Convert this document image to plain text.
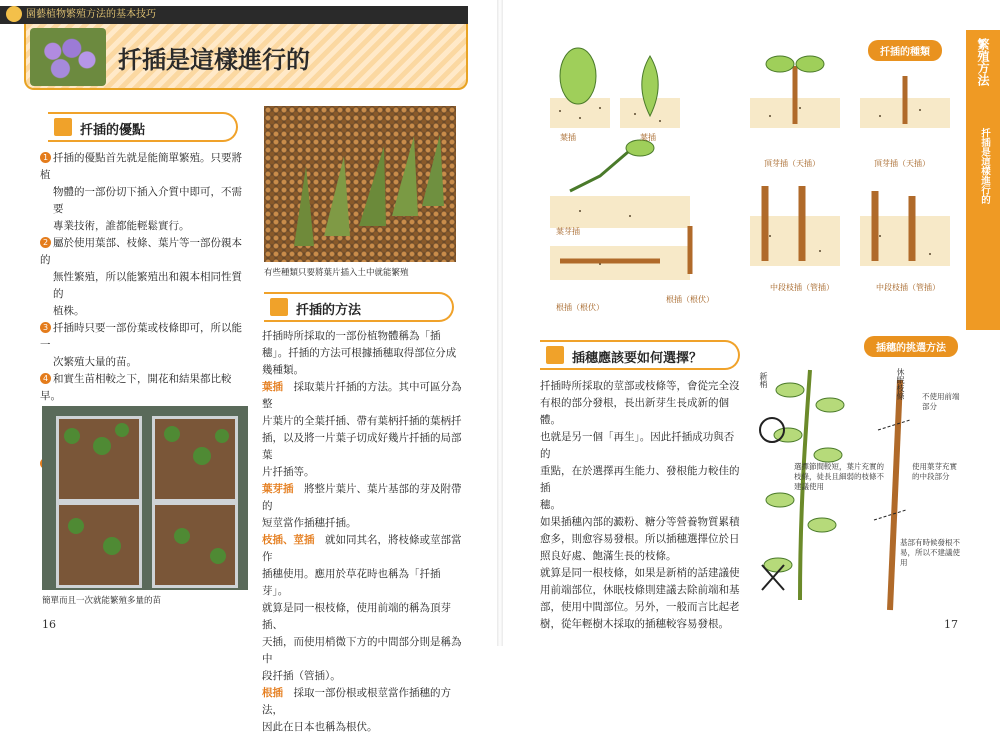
園藝植物繁殖方法的基本技巧
扦插是這樣進行的
扦插的優點
1 扦插的優點首先就是能簡單繁殖。只要將植
物體的一部份切下插入介質中即可，不需要
專業技術，誰都能輕鬆實行。
2 屬於使用葉部、枝條、葉片等一部份親本的
無性繁殖，所以能繁殖出和親本相同性質的
植株。
3 扦插時只要一部份葉或枝條即可，所以能一
次繁殖大量的苗。
4 和實生苗相較之下，開花和結果都比較早。
有些種類只要將葉片插入土中就能繁殖
扦插的方法
扦插時所採取的一部份植物體稱為「插
穗」。扦插的方法可根據插穗取得部位分成
幾種類。
葉插　採取葉片扦插的方法。其中可區分為整
片葉片的全葉扦插、帶有葉柄扦插的葉柄扦
插，以及將一片葉子切成好幾片扦插的局部葉
片扦插等。
葉芽插　將整片葉片、葉片基部的芽及附帶的
短莖當作插穗扦插。
枝插、莖插　就如同其名，將枝條或莖部當作
插穗使用。應用於草花時也稱為「扦插芽」。
就算是同一根枝條，使用前端的稱為頂芽插、
天插，而使用梢微下方的中間部分則是稱為中
段扦插（管插）。
根插　採取一部份根或根莖當作插穗的方法，
因此在日本也稱為根伏。
簡單而且一次就能繁殖多量的苗
16
繁殖方法
扦插是這樣進行的
扦插的種類
葉插	葉插
頂芽插（天插）	頂芽插（天插）
葉芽插
中段枝插（管插）	中段枝插（管插）
根插（根伏）
根插（根伏）
插穗應該要如何選擇？
扦插時所採取的莖部或枝條等，會從完全沒
有根的部分發根，長出新芽生長成新的個體。
也就是另一個「再生」。因此扦插成功與否的
重點，在於選擇再生能力、發根能力較佳的插
穗。
如果插穗內部的澱粉、糖分等營養物質累積
愈多，則愈容易發根。所以插穗選擇位於日
照良好處、飽滿生長的枝條。
就算是同一根枝條，如果是新梢的話建議使
用前端部位，休眠枝條則建議去除前端和基
部，使用中間部位。另外，一般而言比起老
樹，從年輕樹木採取的插穗較容易發根。
插穗的挑選方法
新梢	休眠枝條
選擇節間較短，葉片充實的枝條，徒長且細弱的枝條不建議使用
不使用前端部分
使用葉芽充實的中段部分
基部有時候發根不易，所以不建議使用
17
